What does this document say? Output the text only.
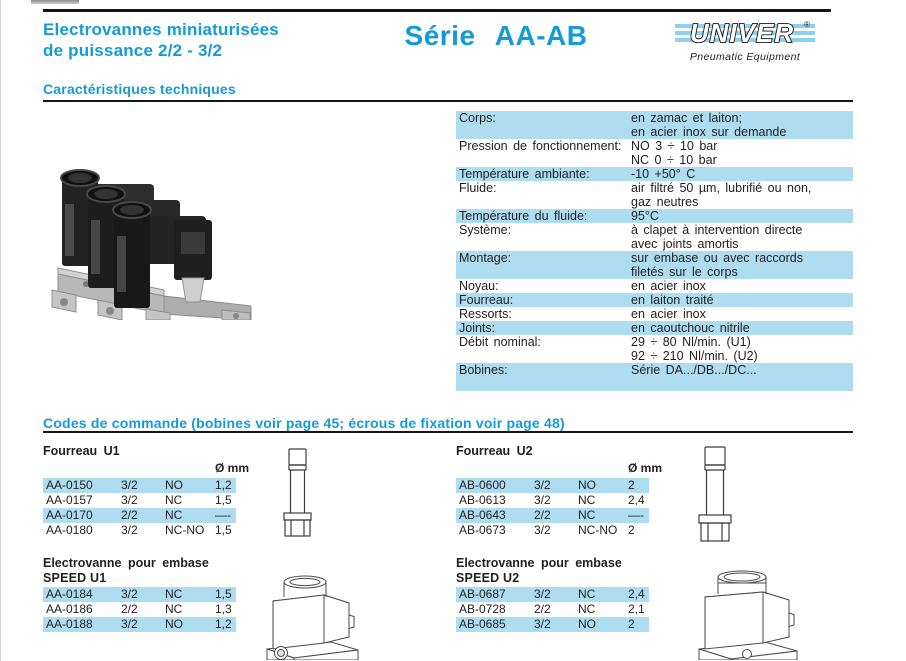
Electrovannes miniaturisées
de puissance 2/2 - 3/2	Série AA-AB	UNIVER ®
Pneumatic Equipment
Caractéristiques techniques
Corps:	en zamac et laiton;
en acier inox sur demande
Pression de fonctionnement: NO 3 ÷ 10 bar
NC 0 ÷ 10 bar
Température ambiante:	-10 +50° C
Fluide:	air filtré 50 µm, lubrifié ou non,
gaz neutres
Température du fluide:	95°C
Système:	à clapet à intervention directe
avec joints amortis
Montage:	sur embase ou avec raccords
filetés sur le corps
Noyau:	en acier inox
Fourreau:	en laiton traité
Ressorts:	en acier inox
Joints:	en caoutchouc nitrile
Débit nominal:	29 ÷ 80 Nl/min. (U1)
92 ÷ 210 Nl/min. (U2)
Bobines:	Série DA.../DB.../DC...
Codes de commande (bobines voir page 45; écrous de fixation voir page 48)
Fourreau U1
Ø mm
AA-0150	3/2	NO	1,2
AA-0157	3/2	NC	1,5
AA-0170	2/2	NC	—-
AA-0180	3/2	NC-NO 1,5
Fourreau U2
Ø mm
AB-0600	3/2	NO	2
AB-0613	3/2	NC	2,4
AB-0643	2/2	NC	—-
AB-0673	3/2	NC-NO 2
Electrovanne pour embase
SPEED U1
AA-0184	3/2	NC	1,5
AA-0186	2/2	NC	1,3
AA-0188	3/2	NO	1,2
Electrovanne pour embase
SPEED U2
AB-0687	3/2	NC	2,4
AB-0728	2/2	NC	2,1
AB-0685	3/2	NO	2
